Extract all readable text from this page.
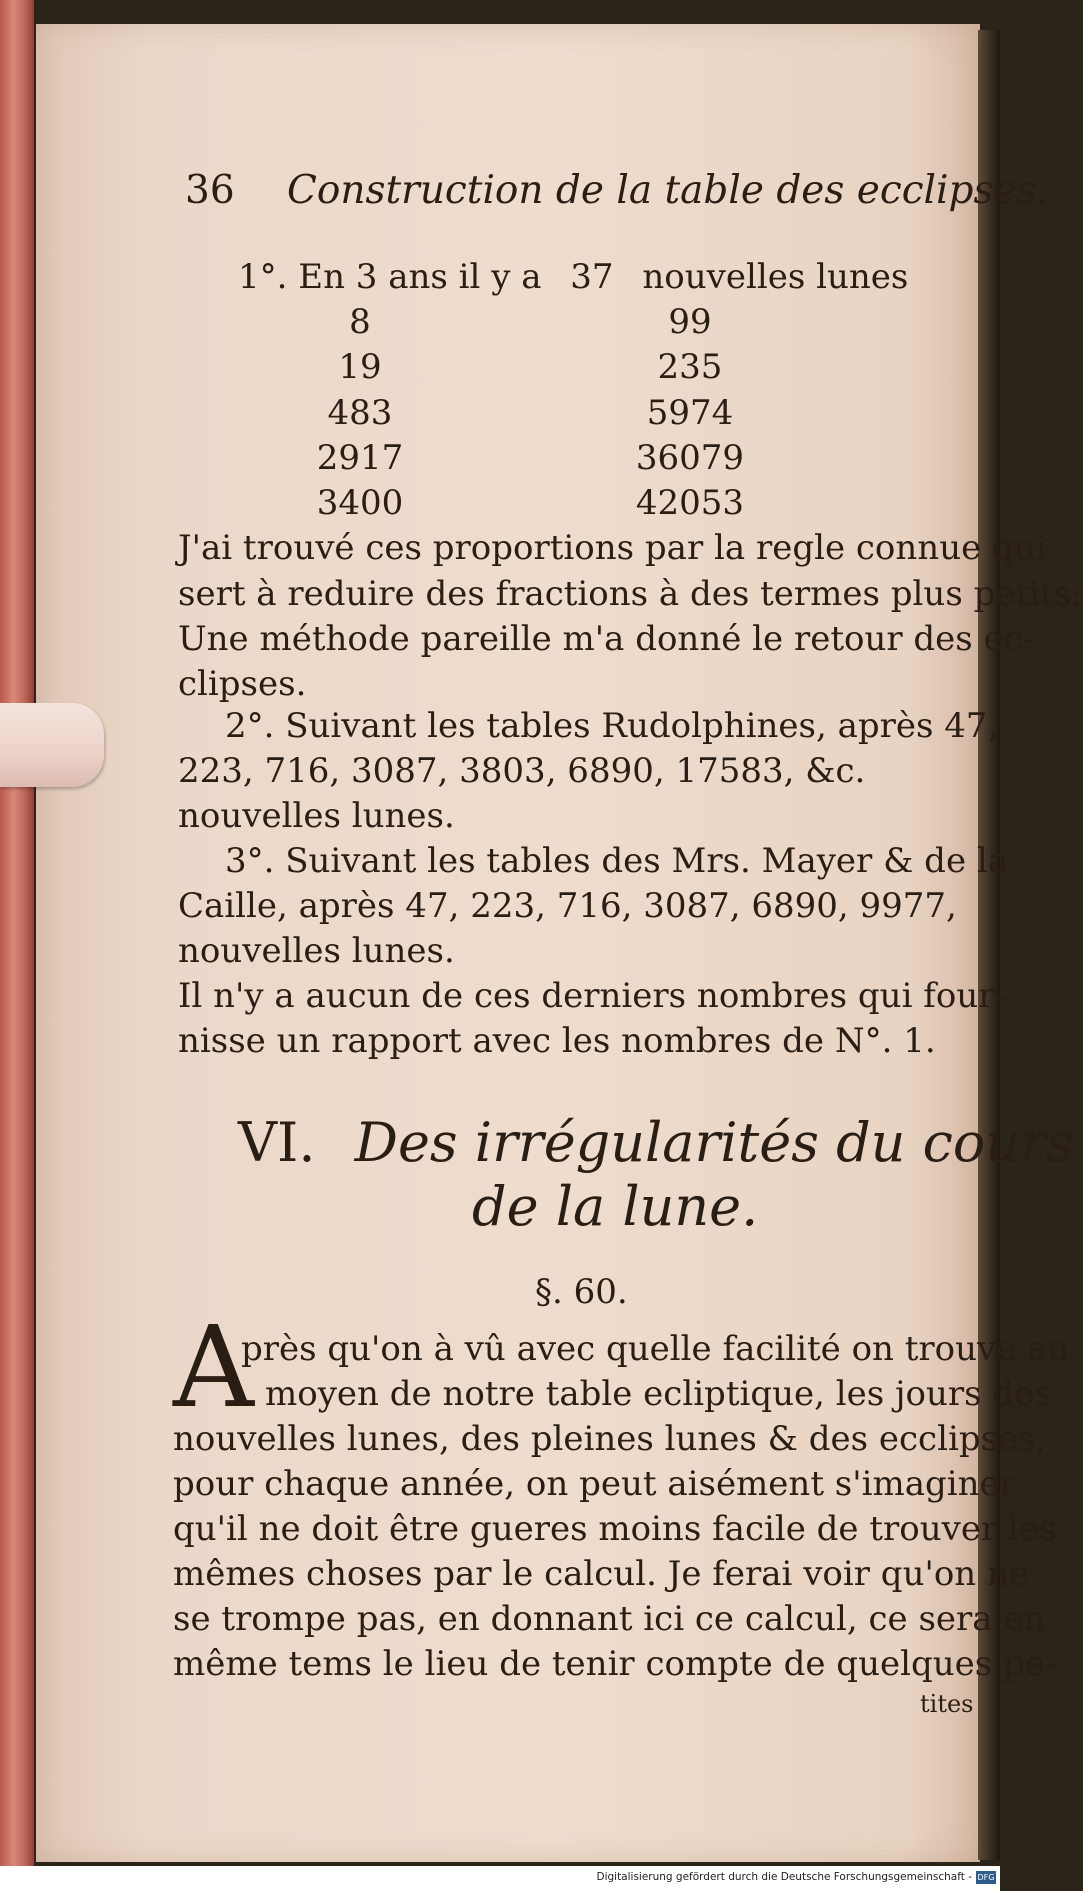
36 Construction de la table des ecclipses.
1°. En 3 ans il y a 37 nouvelles lunes
8	99
19	235
483	5974
2917	36079
3400	42053
J'ai trouvé ces proportions par la regle connue qui
sert à reduire des fractions à des termes plus petits:
Une méthode pareille m'a donné le retour des ec-
clipses.
2°. Suivant les tables Rudolphines, après 47,
223, 716, 3087, 3803, 6890, 17583, &c.
nouvelles lunes.
3°. Suivant les tables des Mrs. Mayer & de la
Caille, après 47, 223, 716, 3087, 6890, 9977,
nouvelles lunes.
Il n'y a aucun de ces derniers nombres qui four-
nisse un rapport avec les nombres de N°. 1.
VI. Des irrégularités du cours
de la lune.
§. 60.
A
près qu'on à vû avec quelle facilité on trouve au
moyen de notre table ecliptique, les jours des
nouvelles lunes, des pleines lunes & des ecclipses,
pour chaque année, on peut aisément s'imaginer
qu'il ne doit être gueres moins facile de trouver les
mêmes choses par le calcul. Je ferai voir qu'on ne
se trompe pas, en donnant ici ce calcul, ce sera en
même tems le lieu de tenir compte de quelques pe-
tites
Digitalisierung gefördert durch die Deutsche Forschungsgemeinschaft - DFG
